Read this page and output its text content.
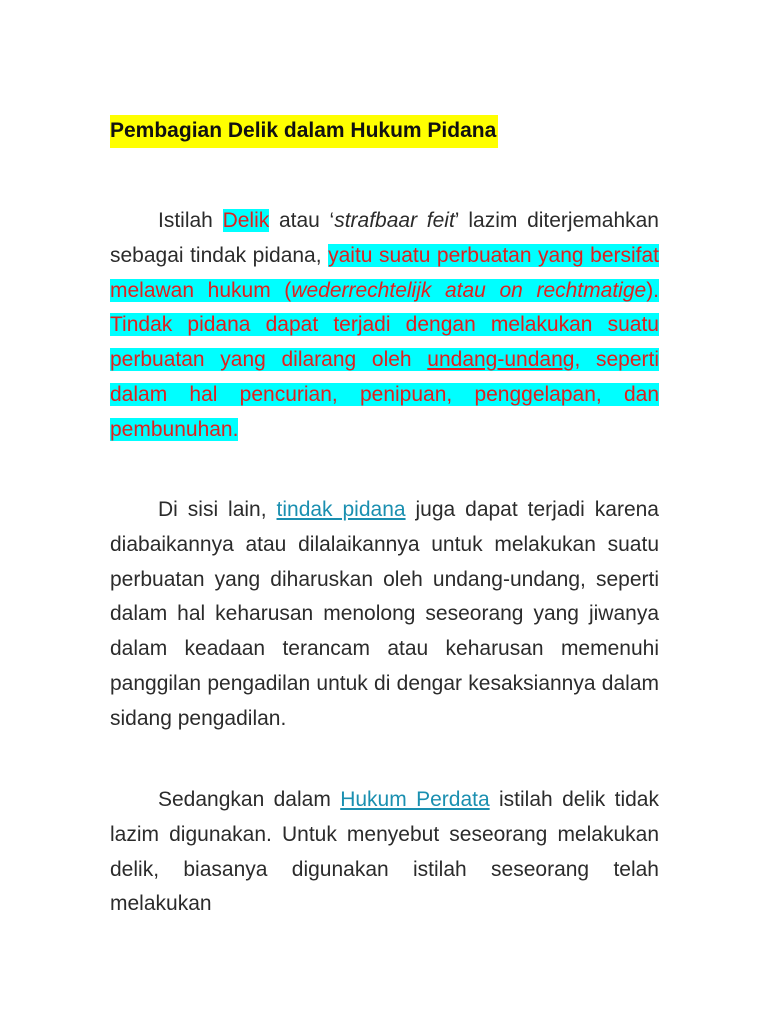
Pembagian Delik dalam Hukum Pidana

Istilah Delik atau ‘strafbaar feit’ lazim diterjemahkan sebagai tindak pidana, yaitu suatu perbuatan yang bersifat melawan hukum (wederrechtelijk atau on rechtmatige). Tindak pidana dapat terjadi dengan melakukan suatu perbuatan yang dilarang oleh undang-undang, seperti dalam hal pencurian, penipuan, penggelapan, dan pembunuhan.

Di sisi lain, tindak pidana juga dapat terjadi karena diabaikannya atau dilalaikannya untuk melakukan suatu perbuatan yang diharuskan oleh undang-undang, seperti dalam hal keharusan menolong seseorang yang jiwanya dalam keadaan terancam atau keharusan memenuhi panggilan pengadilan untuk di dengar kesaksiannya dalam sidang pengadilan.

Sedangkan dalam Hukum Perdata istilah delik tidak lazim digunakan. Untuk menyebut seseorang melakukan delik, biasanya digunakan istilah seseorang telah melakukan
